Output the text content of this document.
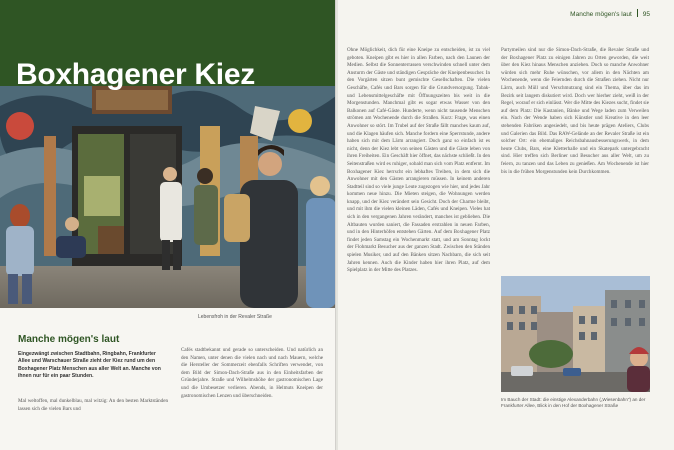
Boxhagener Kiez
Lebensfroh in der Revaler Straße
Manche mögen's laut
Eingezwängt zwischen Stadtbahn, Ringbahn, Frankfurter Allee und Warschauer Straße zieht der Kiez rund um den Boxhagener Platz Menschen aus aller Welt an. Manche von ihnen nur für ein paar Stunden.

Mal weltoffen, mal dunkelblau, mal witzig: An den besten Marktständen lassen sich die vielen Bars und

Cafés stadtbekannt und gerade so unterscheiden. Und natürlich an den Namen, unter denen die vielen nach und nach Mauern, welche die Hersteller der Sommerzeit ebenfalls Schriften verwendet, von dem Bild der Simon-Dach-Straße aus in den Einheitsfarben der Gründerjahre. Straße und Wilhelmshöhe der gastronomischen Lage und die Umbesetzer verlieren. Abends, in Helmuts Kneipen der gastronomischen Lenzen und überschneiden.

Manche mögen's laut 95

Ohne Möglichkeit, dich für eine Kneipe zu entscheiden, ist zu viel geboten. Kneipen gibt es hier in allen Farben, nach den Launen der Medien. Selbst die Sonnenterrassen verschwinden schnell unter dem Ansturm der Gäste und ständigen Gespräche der Kneipenbesucher. In den Vorgärten sitzen bunt gemischte Gesellschaften. Die vielen Geschäfte, Cafés und Bars sorgen für die Grundversorgung. Tabak- und Lebensmittelgeschäfte mit Öffnungszeiten bis weit in die Morgenstunden. Manchmal gibt es sogar etwas Wasser von den Balkonen auf Café-Gäste. Hunderte, wenn nicht tausende Menschen strömen am Wochenende durch die Straßen. Kurz: Frage, was einen Anwohner so stört. Im Trubel auf der Straße fällt manches kaum auf, und die Klagen häufen sich. Manche fordern eine Sperrstunde, andere haben sich mit dem Lärm arrangiert. Doch ganz so einfach ist es nicht, denn der Kiez lebt von seinen Gästen und die Gäste leben von ihren Freiheiten. Ein Geschäft hier öffnet, das nächste schließt. In den Seitenstraßen wird es ruhiger, sobald man sich vom Platz entfernt. Im Boxhagener Kiez herrscht ein lebhaftes Treiben, in dem sich die Anwohner mit den Gästen arrangieren müssen. In keinem anderen Stadtteil sind so viele junge Leute zugezogen wie hier, und jedes Jahr kommen neue hinzu. Die Mieten steigen, die Wohnungen werden knapp, und der Kiez verändert sein Gesicht. Doch der Charme bleibt, und mit ihm die vielen kleinen Läden, Cafés und Kneipen. Vieles hat sich in den vergangenen Jahren verändert, manches ist geblieben. Die Altbauten wurden saniert, die Fassaden erstrahlen in neuen Farben, und in den Hinterhöfen entstehen Gärten. Auf dem Boxhagener Platz findet jeden Samstag ein Wochenmarkt statt, und am Sonntag lockt der Flohmarkt Besucher aus der ganzen Stadt. Zwischen den Ständen spielen Musiker, und auf den Bänken sitzen Nachbarn, die sich seit Jahren kennen. Auch die Kinder haben hier ihren Platz, auf dem Spielplatz in der Mitte des Platzes.

Partymeilen sind nur die Simon-Dach-Straße, die Revaler Straße und der Boxhagener Platz zu einigen Jahren zu Orten geworden, die weit über den Kiez hinaus Menschen anziehen. Doch so manche Anwohner würden sich mehr Ruhe wünschen, vor allem in den Nächten am Wochenende, wenn die Feiernden durch die Straßen ziehen. Nicht nur Lärm, auch Müll und Verschmutzung sind ein Thema, über das im Bezirk seit langem diskutiert wird. Doch wer hierher zieht, weiß in der Regel, worauf er sich einlässt. Wer die Mitte des Kiezes sucht, findet sie auf dem Platz: Die Kastanien, Bänke und Wege laden zum Verweilen ein. Nach der Wende haben sich Künstler und Kreative in den leer stehenden Fabriken angesiedelt, und bis heute prägen Ateliers, Clubs und Galerien das Bild. Das RAW-Gelände an der Revaler Straße ist ein solcher Ort: ein ehemaliges Reichsbahnausbesserungswerk, in dem heute Clubs, Bars, eine Kletterhalle und ein Skatepark untergebracht sind. Hier treffen sich Berliner und Besucher aus aller Welt, um zu feiern, zu tanzen und das Leben zu genießen. Am Wochenende ist hier bis in die frühen Morgenstunden kein Durchkommen.

Im Bauch der Stadt: die einstige Alexanderbahn („Wiesenbahn") an der Frankfurter Allee, Blick in den Hof der Boxhagener Straße
